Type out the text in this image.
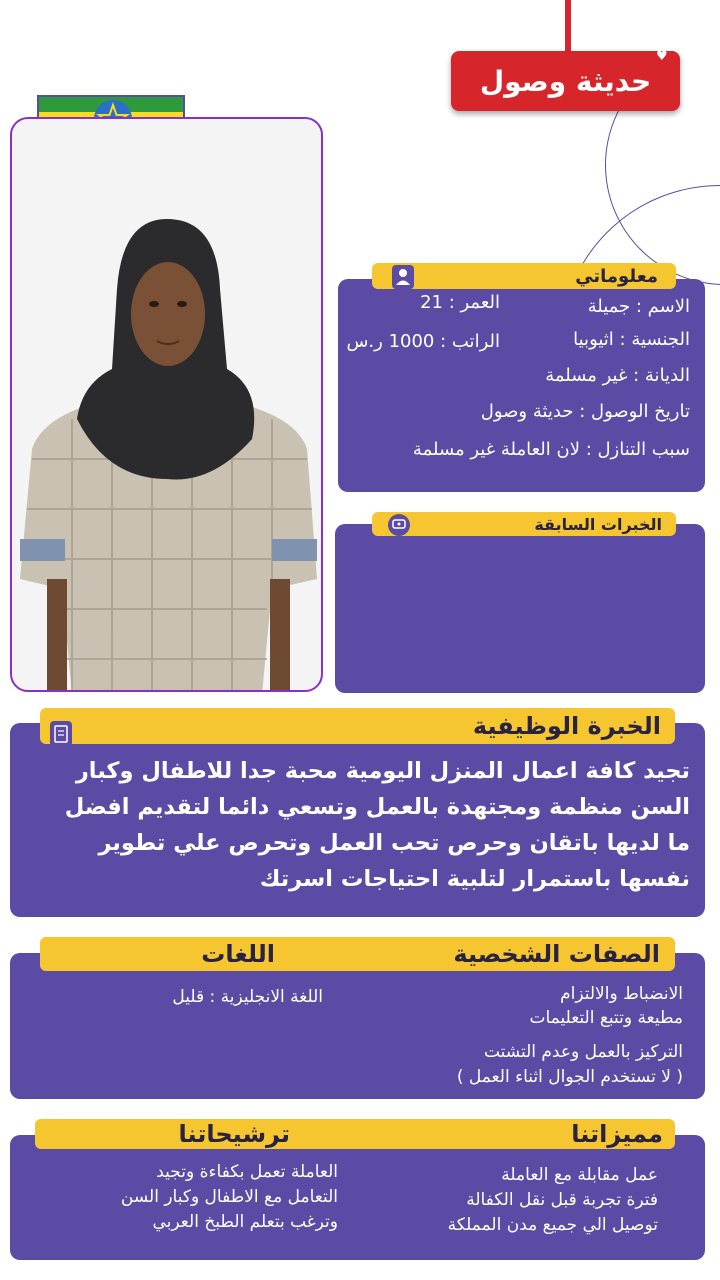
حديثة وصول
♥
معلوماتي
الاسم : جميلة
العمر : 21
الجنسية : اثيوبيا
الراتب : 1000 ر.س
الديانة : غير مسلمة
تاريخ الوصول : حديثة وصول
سبب التنازل : لان العاملة غير مسلمة
الخبرات السابقة
تجيد كافة اعمال المنزل اليومية محبة جدا للاطفال وكبار
السن منظمة ومجتهدة بالعمل وتسعي دائما لتقديم افضل
ما لديها باتقان وحرص تحب العمل وتحرص علي تطوير
نفسها باستمرار لتلبية احتياجات اسرتك
الخبرة الوظيفية
الصفات الشخصية
اللغات
الانضباط والالتزام
مطيعة وتتبع التعليمات
التركيز بالعمل وعدم التشتت
( لا تستخدم الجوال اثناء العمل )
اللغة الانجليزية : قليل
مميزاتنا
ترشيحاتنا
عمل مقابلة مع العاملة
فترة تجربة قبل نقل الكفالة
توصيل الي جميع مدن المملكة
العاملة تعمل بكفاءة وتجيد
التعامل مع الاطفال وكبار السن
وترغب بتعلم الطبخ العربي
